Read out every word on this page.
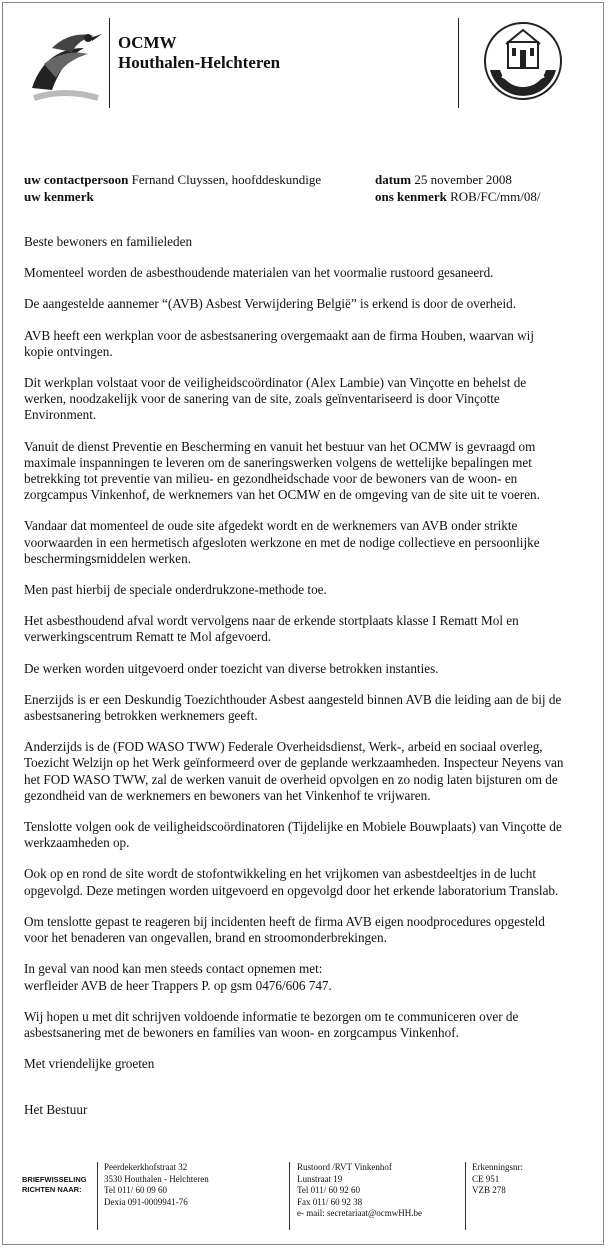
OCMW
Houthalen-Helchteren
uw contactpersoon Fernand Cluyssen, hoofddeskundige
uw kenmerk
datum 25 november 2008
ons kenmerk ROB/FC/mm/08/

Beste bewoners en familieleden

Momenteel worden de asbesthoudende materialen van het voormalie rustoord gesaneerd.

De aangestelde aannemer “(AVB) Asbest Verwijdering België” is erkend is door de overheid.

AVB heeft een werkplan voor de asbestsanering overgemaakt aan de firma Houben, waarvan wij
kopie ontvingen.

Dit werkplan volstaat voor de veiligheidscoördinator (Alex Lambie) van Vinçotte en behelst de
werken, noodzakelijk voor de sanering van de site, zoals geïnventariseerd is door Vinçotte
Environment.

Vanuit de dienst Preventie en Bescherming en vanuit het bestuur van het OCMW is gevraagd om
maximale inspanningen te leveren om de saneringswerken volgens de wettelijke bepalingen met
betrekking tot preventie van milieu- en gezondheidschade voor de bewoners van de woon- en
zorgcampus Vinkenhof, de werknemers van het OCMW en de omgeving van de site uit te voeren.

Vandaar dat momenteel de oude site afgedekt wordt en de werknemers van AVB onder strikte
voorwaarden in een hermetisch afgesloten werkzone en met de nodige collectieve en persoonlijke
beschermingsmiddelen werken.

Men past hierbij de speciale onderdrukzone-methode toe.

Het asbesthoudend afval wordt vervolgens naar de erkende stortplaats klasse I Rematt Mol en
verwerkingscentrum Rematt te Mol afgevoerd.

De werken worden uitgevoerd onder toezicht van diverse betrokken instanties.

Enerzijds is er een Deskundig Toezichthouder Asbest aangesteld binnen AVB die leiding aan de bij de
asbestsanering betrokken werknemers geeft.

Anderzijds is de (FOD WASO TWW) Federale Overheidsdienst, Werk-, arbeid en sociaal overleg,
Toezicht Welzijn op het Werk geïnformeerd over de geplande werkzaamheden. Inspecteur Neyens van
het FOD WASO TWW, zal de werken vanuit de overheid opvolgen en zo nodig laten bijsturen om de
gezondheid van de werknemers en bewoners van het Vinkenhof te vrijwaren.

Tenslotte volgen ook de veiligheidscoördinatoren (Tijdelijke en Mobiele Bouwplaats) van Vinçotte de
werkzaamheden op.

Ook op en rond de site wordt de stofontwikkeling en het vrijkomen van asbestdeeltjes in de lucht
opgevolgd. Deze metingen worden uitgevoerd en opgevolgd door het erkende laboratorium Translab.

Om tenslotte gepast te reageren bij incidenten heeft de firma AVB eigen noodprocedures opgesteld
voor het benaderen van ongevallen, brand en stroomonderbrekingen.

In geval van nood kan men steeds contact opnemen met:
werfleider AVB de heer Trappers P. op gsm 0476/606 747.

Wij hopen u met dit schrijven voldoende informatie te bezorgen om te communiceren over de
asbestsanering met de bewoners en families van woon- en zorgcampus Vinkenhof.

Met vriendelijke groeten

Het Bestuur

BRIEFWISSELING
RICHTEN NAAR:
Peerdekerkhofstraat 32
3530 Houthalen - Helchteren
Tel 011/ 60 09 60
Dexia 091-0009941-76
Rustoord /RVT Vinkenhof
Lunstraat 19
Tel 011/ 60 92 60
Fax 011/ 60 92 38
e- mail: secretariaat@ocmwHH.be
Erkenningsnr:
CE 951
VZB 278
